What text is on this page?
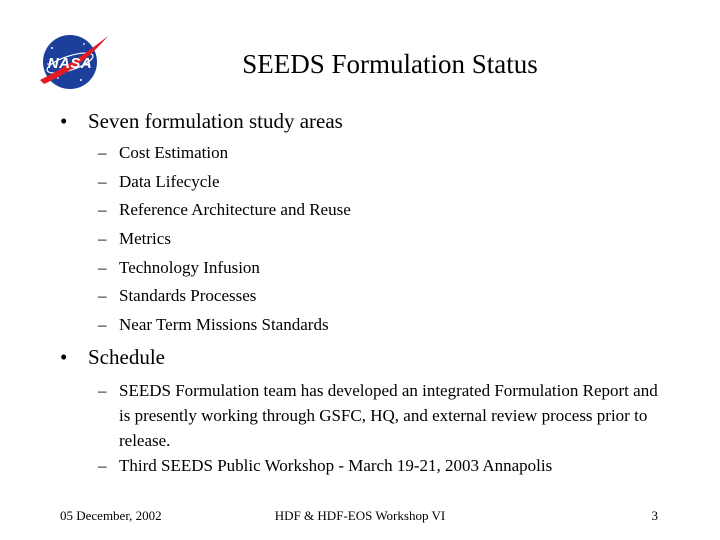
NASA	SEEDS Formulation Status
• Seven formulation study areas
– Cost Estimation
– Data Lifecycle
– Reference Architecture and Reuse
– Metrics
– Technology Infusion
– Standards Processes
– Near Term Missions Standards
• Schedule
– SEEDS Formulation team has developed an integrated Formulation Report and is presently working through GSFC, HQ, and external review process prior to release.
– Third SEEDS Public Workshop - March 19-21, 2003 Annapolis
05 December, 2002	HDF & HDF-EOS Workshop VI	3
